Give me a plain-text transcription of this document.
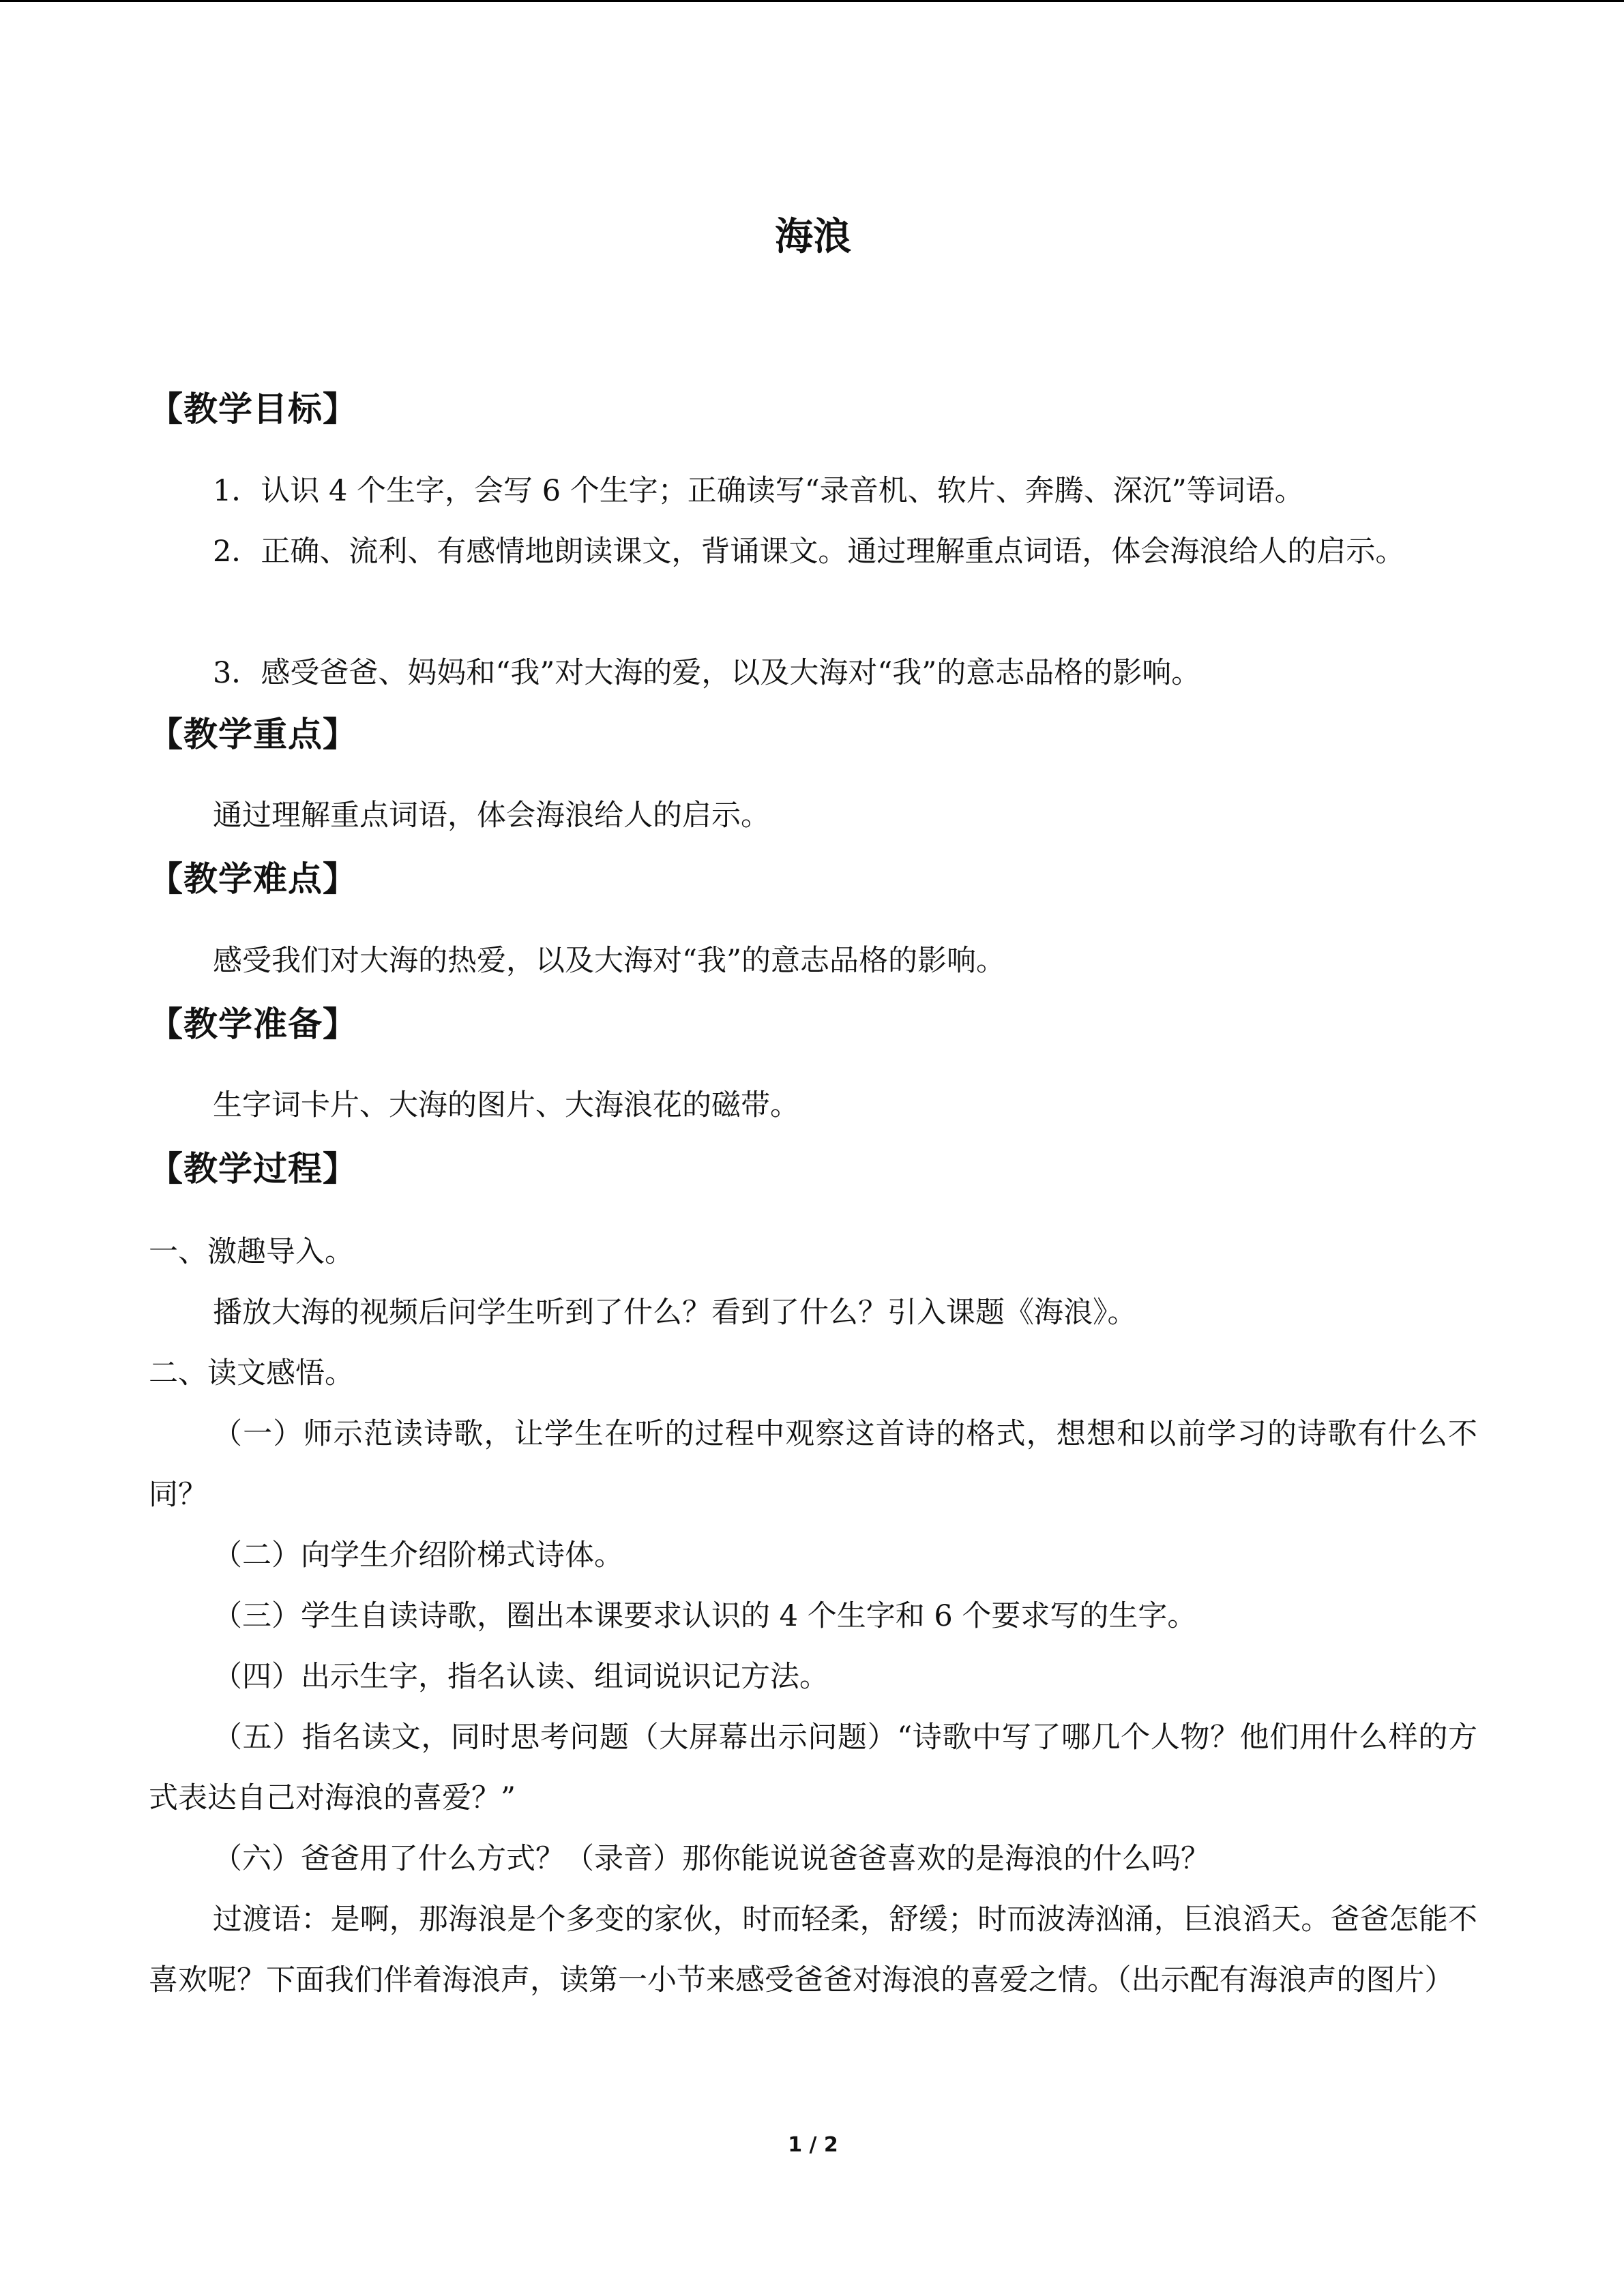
海浪
【教学目标】
1．认识 4 个生字，会写 6 个生字；正确读写“录音机、软片、奔腾、深沉”等词语。
2．正确、流利、有感情地朗读课文，背诵课文。通过理解重点词语，体会海浪给人的启示。
3．感受爸爸、妈妈和“我”对大海的爱，以及大海对“我”的意志品格的影响。
【教学重点】
通过理解重点词语，体会海浪给人的启示。
【教学难点】
感受我们对大海的热爱，以及大海对“我”的意志品格的影响。
【教学准备】
生字词卡片、大海的图片、大海浪花的磁带。
【教学过程】
一、激趣导入。
播放大海的视频后问学生听到了什么？看到了什么？引入课题《海浪》。
二、读文感悟。
（一）师示范读诗歌，让学生在听的过程中观察这首诗的格式，想想和以前学习的诗歌有什么不同？
（二）向学生介绍阶梯式诗体。
（三）学生自读诗歌，圈出本课要求认识的 4 个生字和 6 个要求写的生字。
（四）出示生字，指名认读、组词说识记方法。
（五）指名读文，同时思考问题（大屏幕出示问题）“诗歌中写了哪几个人物？他们用什么样的方式表达自己对海浪的喜爱？”
（六）爸爸用了什么方式？（录音）那你能说说爸爸喜欢的是海浪的什么吗？
过渡语：是啊，那海浪是个多变的家伙，时而轻柔，舒缓；时而波涛汹涌，巨浪滔天。爸爸怎能不喜欢呢？下面我们伴着海浪声，读第一小节来感受爸爸对海浪的喜爱之情。（出示配有海浪声的图片）
1 / 2
